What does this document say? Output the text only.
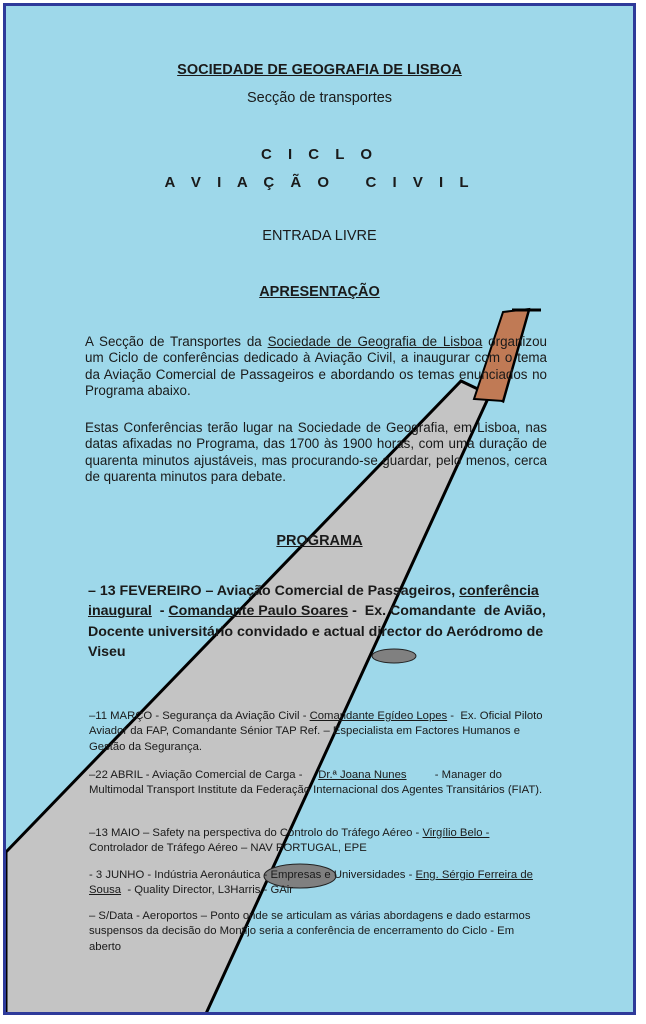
SOCIEDADE DE GEOGRAFIA DE LISBOA
Secção de transportes
C I C L O
A V I A Ç Ã O   C I V I L
ENTRADA LIVRE
APRESENTAÇÃO
A Secção de Transportes da Sociedade de Geografia de Lisboa organizou um Ciclo de conferências dedicado à Aviação Civil, a inaugurar com o tema da Aviação Comercial de Passageiros e abordando os temas enunciados no Programa abaixo.
Estas Conferências terão lugar na Sociedade de Geografia, em Lisboa, nas datas afixadas no Programa, das 1700 às 1900 horas, com uma duração de quarenta minutos ajustáveis, mas procurando-se guardar, pelo menos, cerca de quarenta minutos para debate.
PROGRAMA
– 13 FEVEREIRO – Aviação Comercial de Passageiros, conferência inaugural  - Comandante Paulo Soares -  Ex. Comandante  de Avião, Docente universitário convidado e actual director do Aeródromo de Viseu
–11 MARÇO - Segurança da Aviação Civil - Comandante Egídeo Lopes -  Ex. Oficial Piloto Aviador da FAP, Comandante Sénior TAP Ref. – Especialista em Factores Humanos e Gestão da Segurança.
–22 ABRIL - Aviação Comercial de Carga -     Dr.ª Joana Nunes         - Manager do Multimodal Transport Institute da Federação Internacional dos Agentes Transitários (FIAT).
–13 MAIO – Safety na perspectiva do Controlo do Tráfego Aéreo - Virgílio Belo -  Controlador de Tráfego Aéreo – NAV PORTUGAL, EPE
- 3 JUNHO - Indústria Aeronáutica - Empresas e Universidades - Eng. Sérgio Ferreira de Sousa  - Quality Director, L3Harris - GAir
– S/Data - Aeroportos – Ponto onde se articulam as várias abordagens e dado estarmos suspensos da decisão do Montijo seria a conferência de encerramento do Ciclo - Em aberto
